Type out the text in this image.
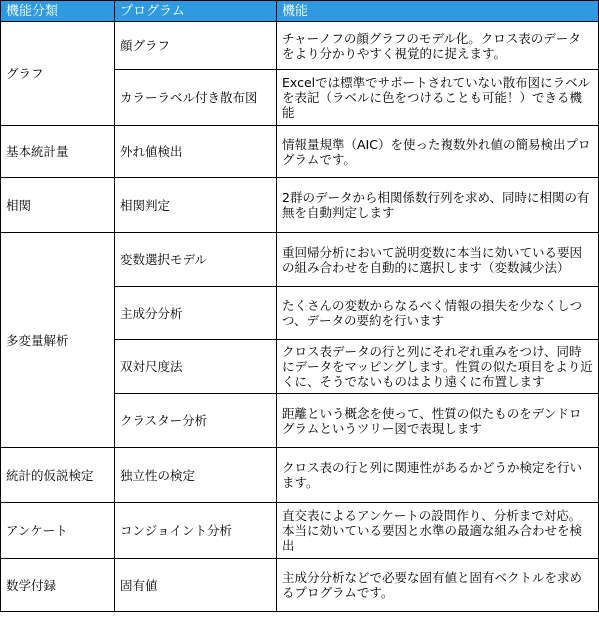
機能分類	プログラム	機能
グラフ	顔グラフ	チャーノフの顔グラフのモデル化。クロス表のデータをより分かりやすく視覚的に捉えます。
	カラーラベル付き散布図	Excelでは標準でサポートされていない散布図にラベルを表記（ラベルに色をつけることも可能！）できる機能
基本統計量	外れ値検出	情報量規準（AIC）を使った複数外れ値の簡易検出プログラムです。
相関	相関判定	2群のデータから相関係数行列を求め、同時に相関の有無を自動判定します
多変量解析	変数選択モデル	重回帰分析において説明変数に本当に効いている要因の組み合わせを自動的に選択します（変数減少法）
	主成分分析	たくさんの変数からなるべく情報の損失を少なくしつつ、データの要約を行います
	双対尺度法	クロス表データの行と列にそれぞれ重みをつけ、同時にデータをマッピングします。性質の似た項目をより近くに、そうでないものはより遠くに布置します
	クラスター分析	距離という概念を使って、性質の似たものをデンドログラムというツリー図で表現します
統計的仮説検定	独立性の検定	クロス表の行と列に関連性があるかどうか検定を行います。
アンケート	コンジョイント分析	直交表によるアンケートの設問作り、分析まで対応。本当に効いている要因と水準の最適な組み合わせを検出
数学付録	固有値	主成分分析などで必要な固有値と固有ベクトルを求めるプログラムです。
